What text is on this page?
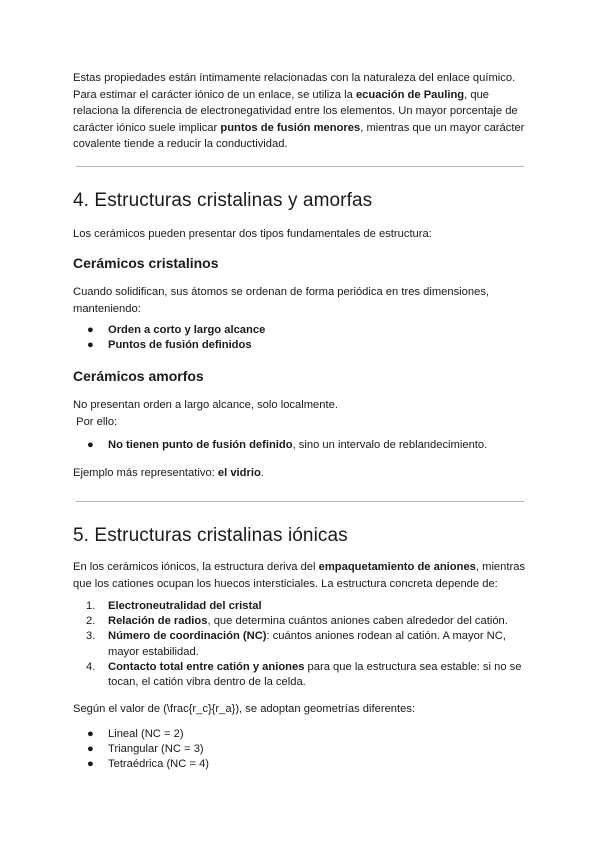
Estas propiedades están íntimamente relacionadas con la naturaleza del enlace químico.
Para estimar el carácter iónico de un enlace, se utiliza la ecuación de Pauling, que
relaciona la diferencia de electronegatividad entre los elementos. Un mayor porcentaje de
carácter iónico suele implicar puntos de fusión menores, mientras que un mayor carácter
covalente tiende a reducir la conductividad.
4. Estructuras cristalinas y amorfas

Los cerámicos pueden presentar dos tipos fundamentales de estructura:

Cerámicos cristalinos
Cuando solidifican, sus átomos se ordenan de forma periódica en tres dimensiones,
manteniendo:
● Orden a corto y largo alcance
● Puntos de fusión definidos
Cerámicos amorfos
No presentan orden a largo alcance, solo localmente.
Por ello:
● No tienen punto de fusión definido, sino un intervalo de reblandecimiento.

Ejemplo más representativo: el vidrio.

5. Estructuras cristalinas iónicas
En los cerámicos iónicos, la estructura deriva del empaquetamiento de aniones, mientras
que los cationes ocupan los huecos intersticiales. La estructura concreta depende de:
1. Electroneutralidad del cristal
2. Relación de radios, que determina cuántos aniones caben alrededor del catión.
3. Número de coordinación (NC): cuántos aniones rodean al catión. A mayor NC,
mayor estabilidad.
4. Contacto total entre catión y aniones para que la estructura sea estable: si no se
tocan, el catión vibra dentro de la celda.

Según el valor de (\frac{r_c}{r_a}), se adoptan geometrías diferentes:

● Lineal (NC = 2)
● Triangular (NC = 3)
● Tetraédrica (NC = 4)
